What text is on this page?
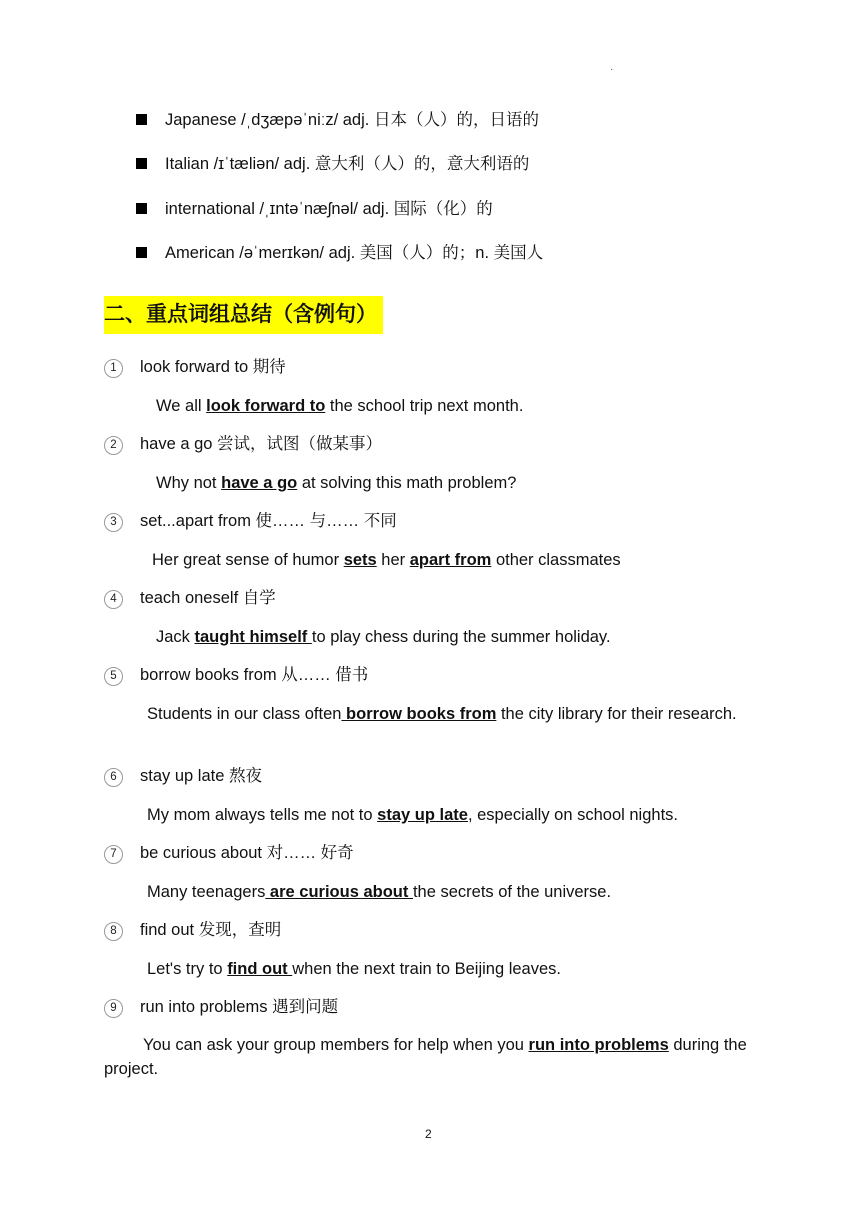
·
Japanese /ˌdʒæpəˈniːz/ adj. 日本（人）的，日语的
Italian /ɪˈtæliən/ adj. 意大利（人）的，意大利语的
international /ˌɪntəˈnæʃnəl/ adj. 国际（化）的
American /əˈmerɪkən/ adj. 美国（人）的；n. 美国人
二、重点词组总结（含例句）
1 look forward to 期待
We all look forward to the school trip next month.
2 have a go 尝试，试图（做某事）
Why not have a go at solving this math problem?
3 set...apart from 使…… 与…… 不同
Her great sense of humor sets her apart from other classmates
4 teach oneself 自学
Jack taught himself to play chess during the summer holiday.
5 borrow books from 从…… 借书
Students in our class often borrow books from the city library for their research.
6 stay up late 熬夜
My mom always tells me not to stay up late, especially on school nights.
7 be curious about 对…… 好奇
Many teenagers are curious about the secrets of the universe.
8 find out 发现，查明
Let's try to find out when the next train to Beijing leaves.
9 run into problems 遇到问题
You can ask your group members for help when you run into problems during the project.
2
